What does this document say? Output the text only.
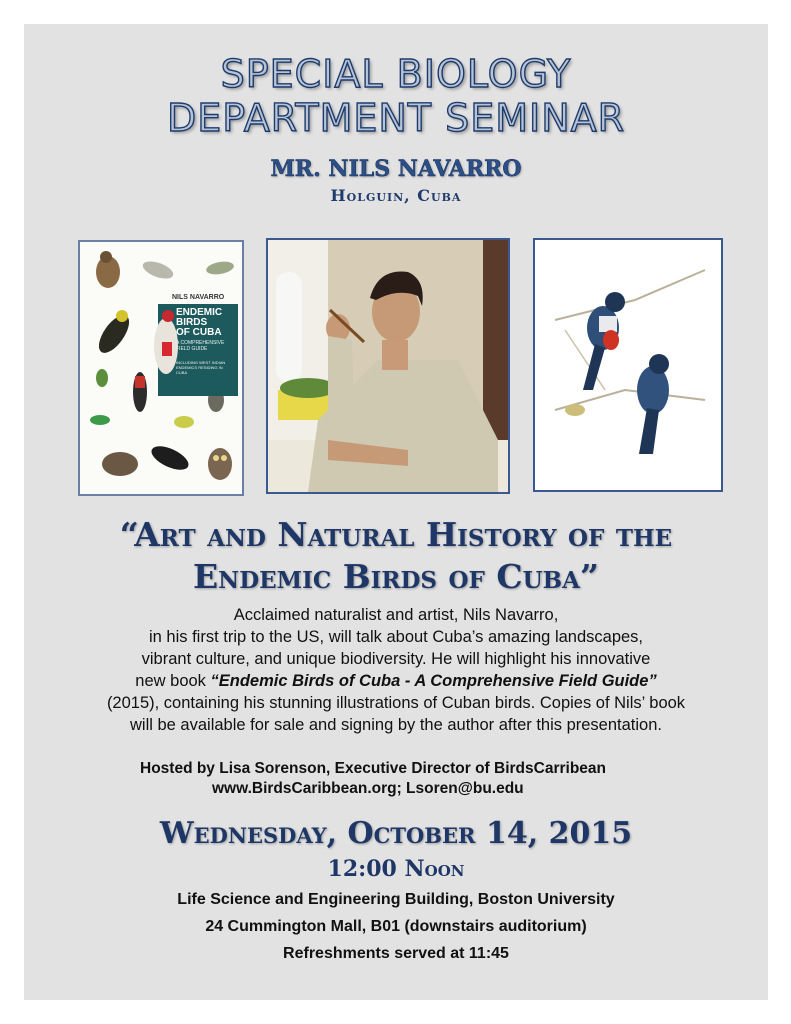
SPECIAL BIOLOGY
DEPARTMENT SEMINAR
MR. NILS NAVARRO
Holguin, Cuba
NILS NAVARRO
ENDEMIC
BIRDS
OF CUBA
A COMPREHENSIVE FIELD GUIDE
INCLUDING WEST INDIAN ENDEMICS RESIDING IN CUBA
“Art and Natural History of the
Endemic Birds of Cuba”
Acclaimed naturalist and artist, Nils Navarro,
in his first trip to the US, will talk about Cuba’s amazing landscapes,
vibrant culture, and unique biodiversity. He will highlight his innovative
new book “Endemic Birds of Cuba - A Comprehensive Field Guide”
(2015), containing his stunning illustrations of Cuban birds. Copies of Nils’ book
will be available for sale and signing by the author after this presentation.
Hosted by Lisa Sorenson, Executive Director of BirdsCarribean
www.BirdsCaribbean.org; Lsoren@bu.edu
Wednesday, October 14, 2015
12:00 Noon
Life Science and Engineering Building, Boston University
24 Cummington Mall, B01 (downstairs auditorium)
Refreshments served at 11:45
